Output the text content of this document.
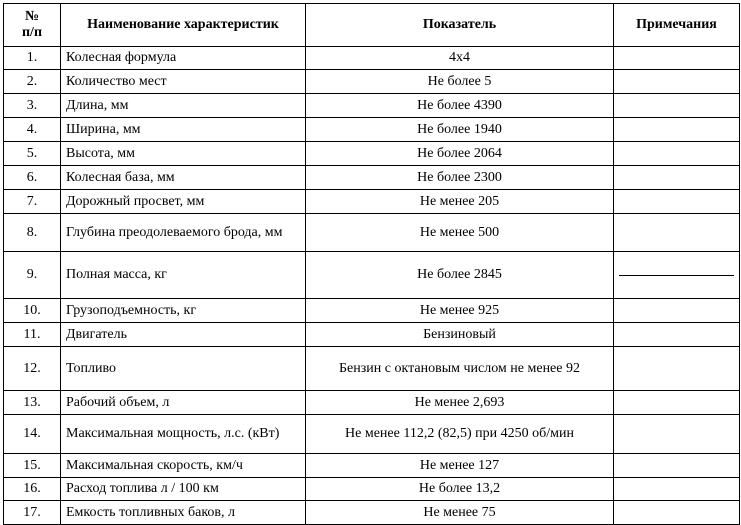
№
п/п	Наименование характеристик	Показатель	Примечания
1.	Колесная формула	4х4	
2.	Количество мест	Не более 5	
3.	Длина, мм	Не более 4390	
4.	Ширина, мм	Не более 1940	
5.	Высота, мм	Не более 2064	
6.	Колесная база, мм	Не более 2300	
7.	Дорожный просвет, мм	Не менее 205	
8.	Глубина преодолеваемого брода, мм	Не менее 500	
9.	Полная масса, кг	Не более 2845	

10.	Грузоподъемность, кг	Не менее 925	
11.	Двигатель	Бензиновый	
12.	Топливо	Бензин с октановым числом не менее 92	
13.	Рабочий объем, л	Не менее 2,693	
14.	Максимальная мощность, л.с. (кВт)	Не менее 112,2 (82,5) при 4250 об/мин	
15.	Максимальная скорость, км/ч	Не менее 127	
16.	Расход топлива л / 100 км	Не более 13,2	
17.	Емкость топливных баков, л	Не менее 75	
